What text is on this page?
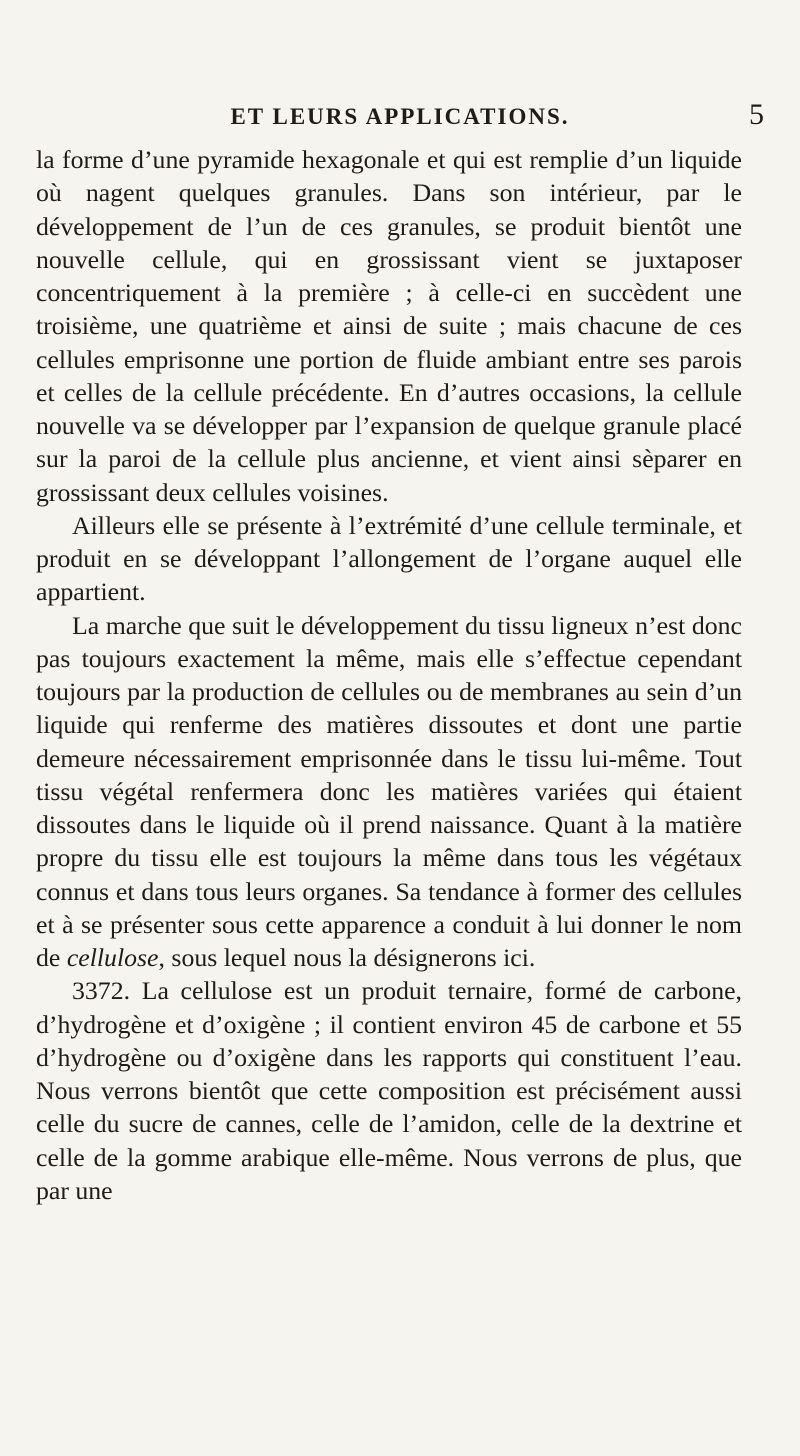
ET LEURS APPLICATIONS.	5

la forme d’une pyramide hexagonale et qui est remplie d’un liquide où nagent quelques granules. Dans son intérieur, par le développement de l’un de ces granules, se produit bientôt une nouvelle cellule, qui en grossissant vient se juxtaposer concentriquement à la première ; à celle-ci en succèdent une troisième, une quatrième et ainsi de suite ; mais chacune de ces cellules emprisonne une portion de fluide ambiant entre ses parois et celles de la cellule précédente. En d’autres occasions, la cellule nouvelle va se développer par l’expansion de quelque granule placé sur la paroi de la cellule plus ancienne, et vient ainsi sèparer en grossissant deux cellules voisines.

Ailleurs elle se présente à l’extrémité d’une cellule terminale, et produit en se développant l’allongement de l’organe auquel elle appartient.

La marche que suit le développement du tissu ligneux n’est donc pas toujours exactement la même, mais elle s’effectue cependant toujours par la production de cellules ou de membranes au sein d’un liquide qui renferme des matières dissoutes et dont une partie demeure nécessairement emprisonnée dans le tissu lui-même. Tout tissu végétal renfermera donc les matières variées qui étaient dissoutes dans le liquide où il prend naissance. Quant à la matière propre du tissu elle est toujours la même dans tous les végétaux connus et dans tous leurs organes. Sa tendance à former des cellules et à se présenter sous cette apparence a conduit à lui donner le nom de cellulose, sous lequel nous la désignerons ici.

3372. La cellulose est un produit ternaire, formé de carbone, d’hydrogène et d’oxigène ; il contient environ 45 de carbone et 55 d’hydrogène ou d’oxigène dans les rapports qui constituent l’eau. Nous verrons bientôt que cette composition est précisément aussi celle du sucre de cannes, celle de l’amidon, celle de la dextrine et celle de la gomme arabique elle-même. Nous verrons de plus, que par une
